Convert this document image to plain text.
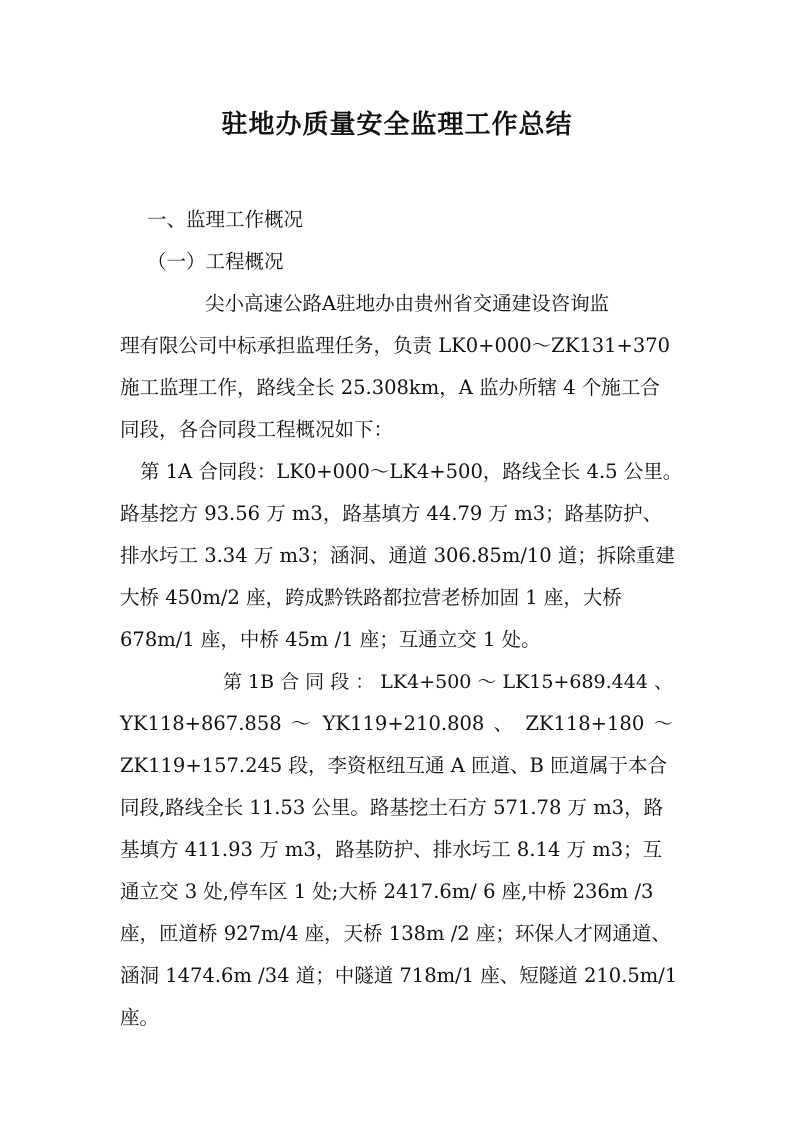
驻地办质量安全监理工作总结
一、监理工作概况
（一）工程概况
尖小高速公路A驻地办由贵州省交通建设咨询监
理有限公司中标承担监理任务，负责 LK0+000～ZK131+370
施工监理工作，路线全长 25.308km，A 监办所辖 4 个施工合
同段，各合同段工程概况如下：
第 1A 合同段：LK0+000～LK4+500，路线全长 4.5 公里。
路基挖方 93.56 万 m3，路基填方 44.79 万 m3；路基防护、
排水圬工 3.34 万 m3；涵洞、通道 306.85m/10 道；拆除重建
大桥 450m/2 座，跨成黔铁路都拉营老桥加固 1 座，大桥
678m/1 座，中桥 45m /1 座；互通立交 1 处。
第 1B 合 同 段 ： LK4+500 ～ LK15+689.444 、
YK118+867.858 ～ YK119+210.808 、 ZK118+180 ～
ZK119+157.245 段，李资枢纽互通 A 匝道、B 匝道属于本合
同段,路线全长 11.53 公里。路基挖土石方 571.78 万 m3，路
基填方 411.93 万 m3，路基防护、排水圬工 8.14 万 m3；互
通立交 3 处,停车区 1 处;大桥 2417.6m/ 6 座,中桥 236m /3
座，匝道桥 927m/4 座，天桥 138m /2 座；环保人才网通道、
涵洞 1474.6m /34 道；中隧道 718m/1 座、短隧道 210.5m/1
座。
